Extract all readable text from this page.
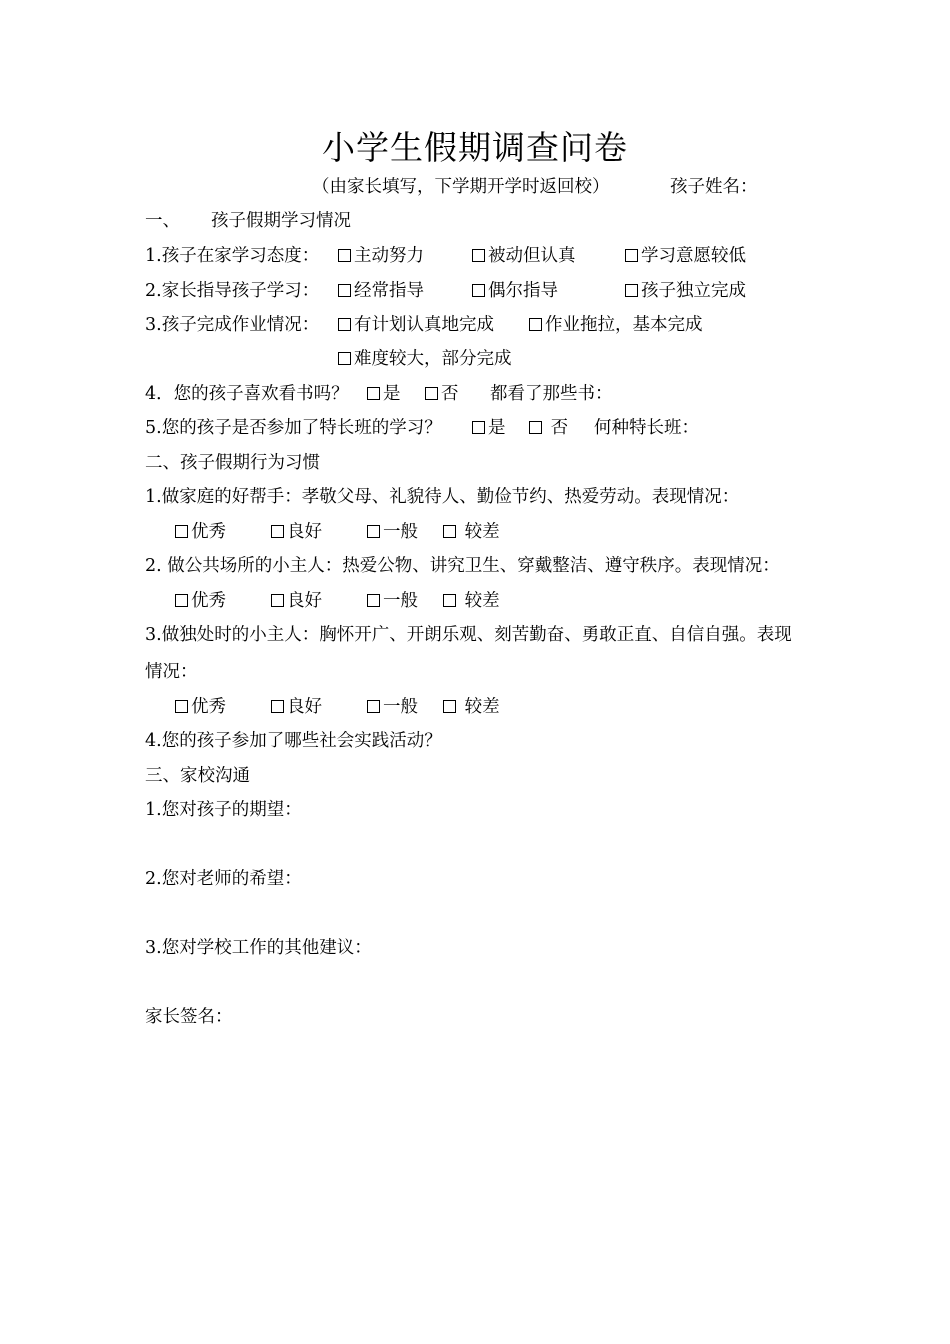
小学生假期调查问卷
（由家长填写，下学期开学时返回校）	孩子姓名：
一、 孩子假期学习情况
1.孩子在家学习态度：	主动努力	被动但认真	学习意愿较低
2.家长指导孩子学习：	经常指导	偶尔指导	孩子独立完成
3.孩子完成作业情况：	有计划认真地完成	作业拖拉，基本完成
难度较大，部分完成
4．您的孩子喜欢看书吗？	是	否 都看了那些书：
5.您的孩子是否参加了特长班的学习？	是	否 何种特长班：
二、孩子假期行为习惯
1.做家庭的好帮手：孝敬父母、礼貌待人、勤俭节约、热爱劳动。表现情况：
优秀	良好	一般	较差
2. 做公共场所的小主人：热爱公物、讲究卫生、穿戴整洁、遵守秩序。表现情况：
优秀	良好	一般	较差
3.做独处时的小主人：胸怀开广、开朗乐观、刻苦勤奋、勇敢正直、自信自强。表现
情况：
优秀	良好	一般	较差
4.您的孩子参加了哪些社会实践活动？
三、家校沟通
1.您对孩子的期望：
2.您对老师的希望：
3.您对学校工作的其他建议：
家长签名：
